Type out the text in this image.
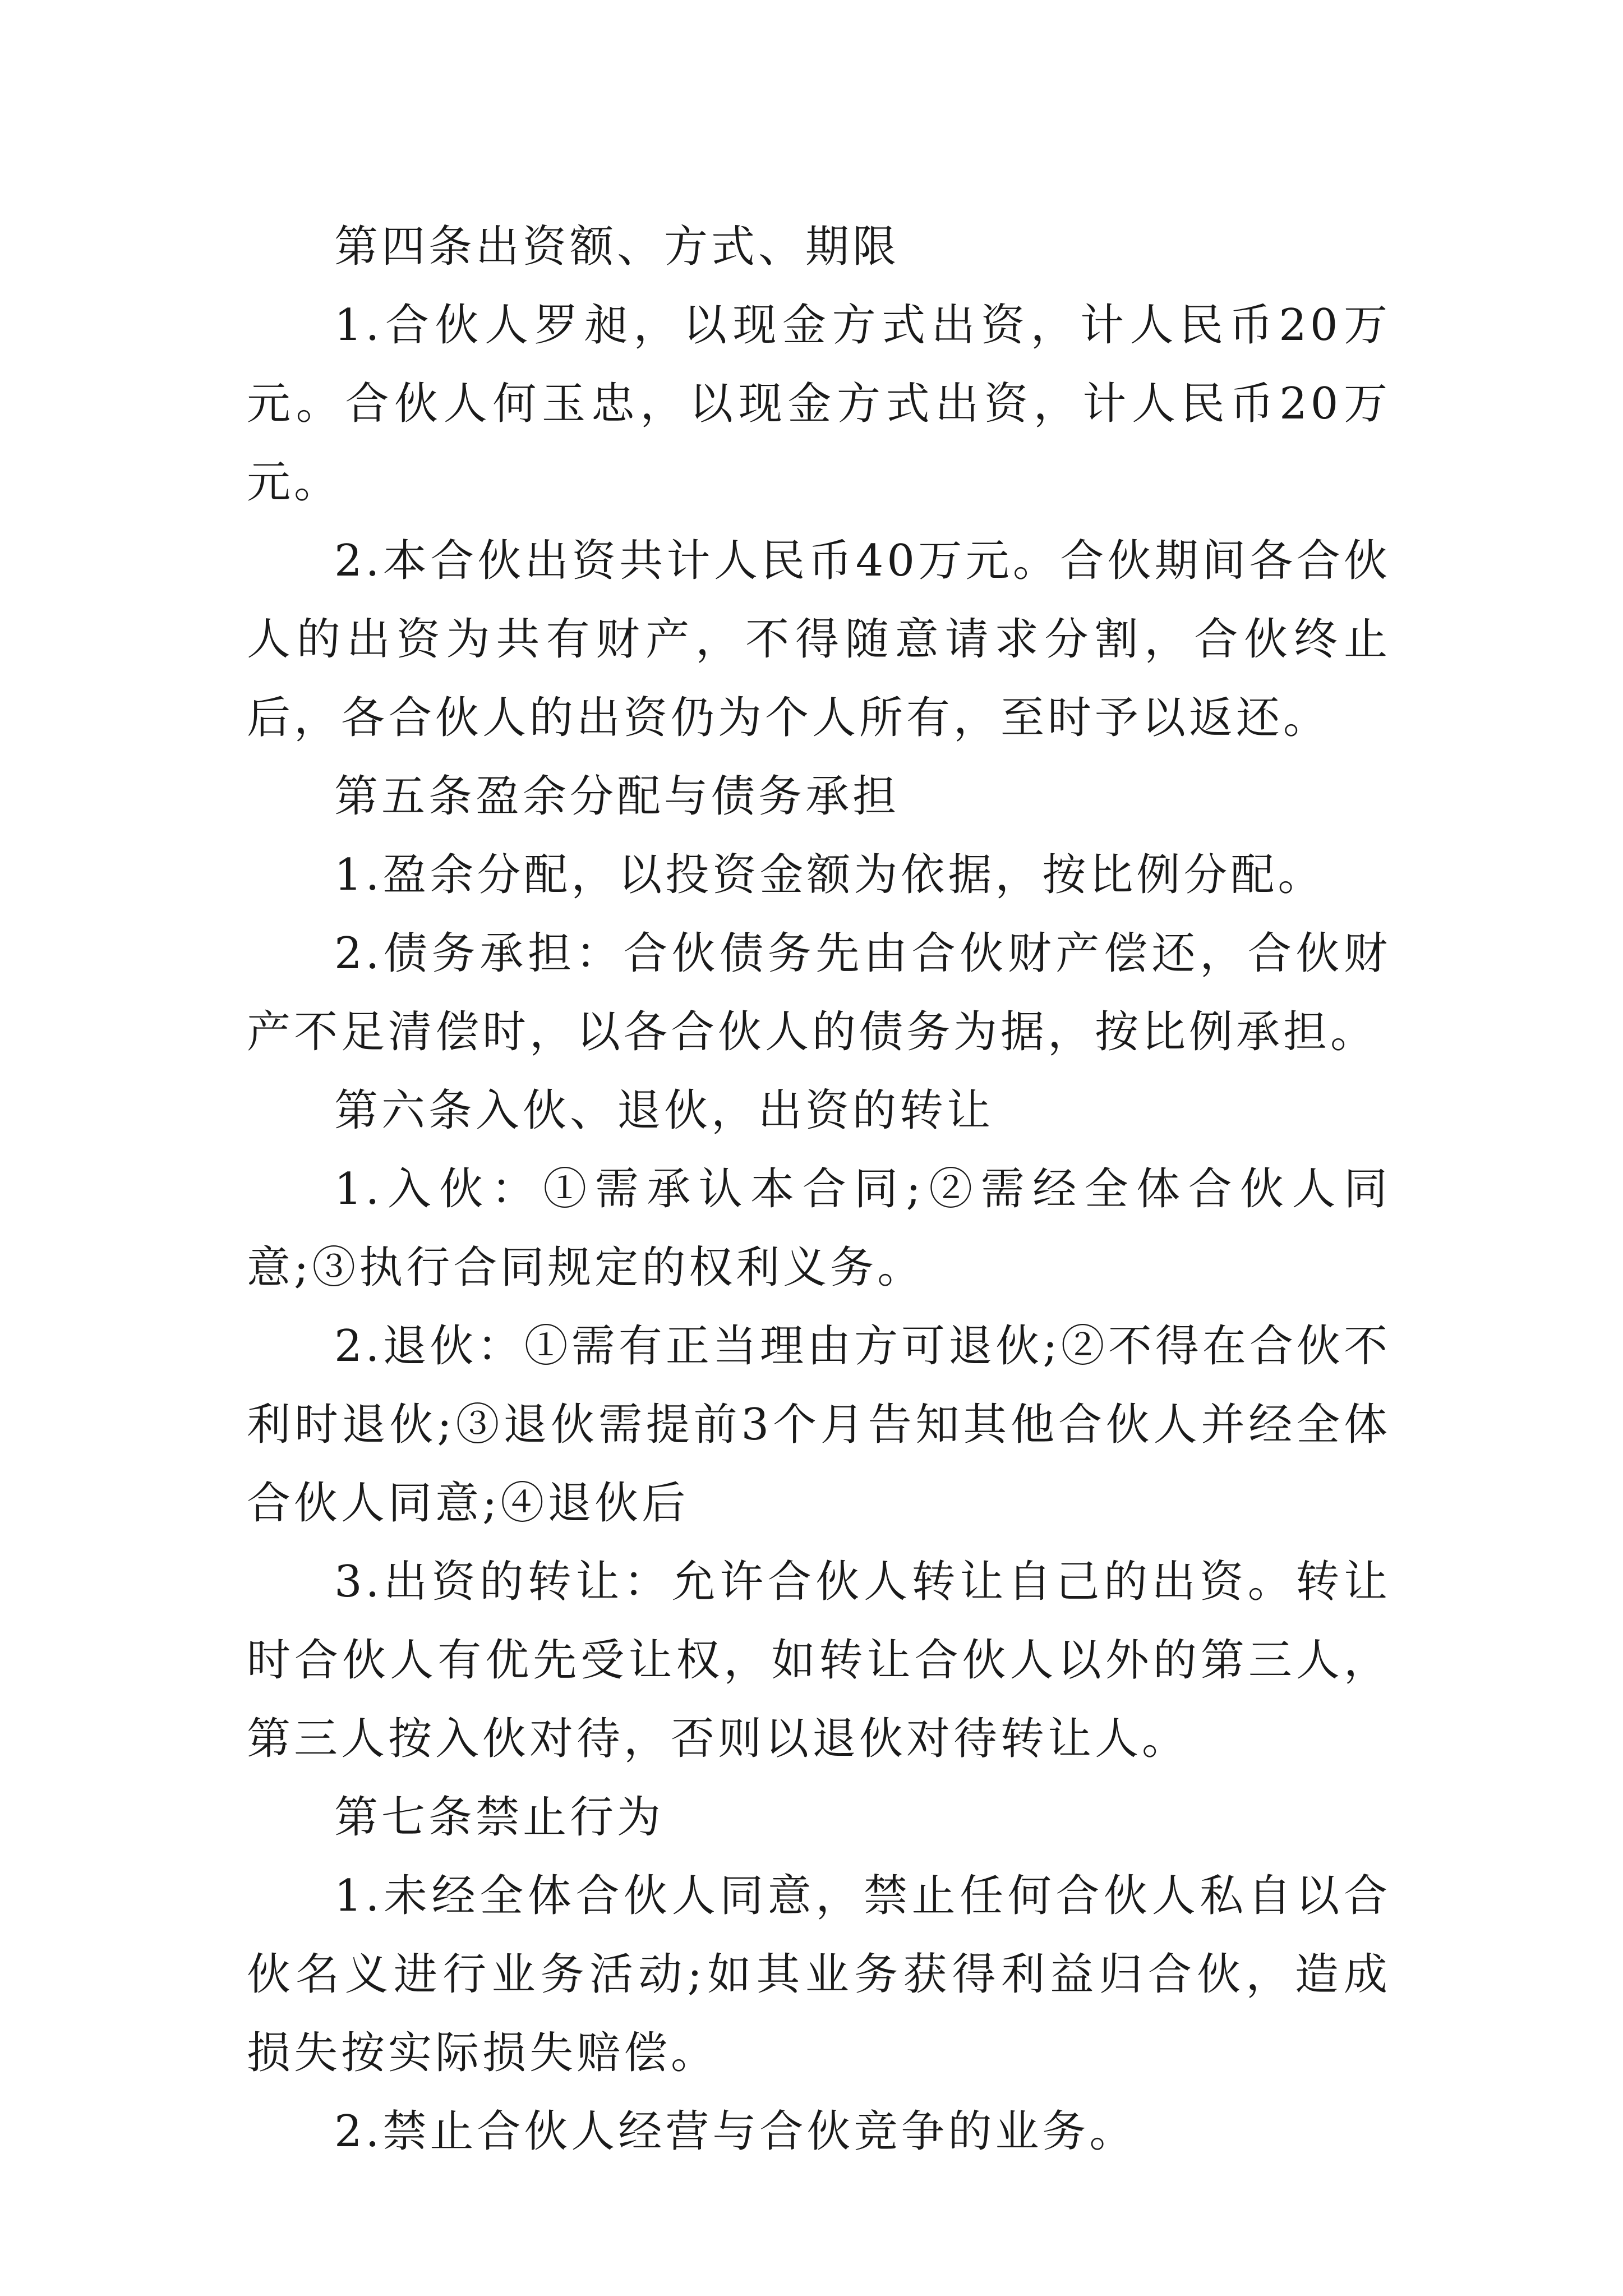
第四条出资额、方式、期限

1.合伙人罗昶，以现金方式出资，计人民币20万元。合伙人何玉忠，以现金方式出资，计人民币20万元。

2.本合伙出资共计人民币40万元。合伙期间各合伙人的出资为共有财产，不得随意请求分割，合伙终止后，各合伙人的出资仍为个人所有，至时予以返还。

第五条盈余分配与债务承担

1.盈余分配，以投资金额为依据，按比例分配。

2.债务承担：合伙债务先由合伙财产偿还，合伙财产不足清偿时，以各合伙人的债务为据，按比例承担。

第六条入伙、退伙，出资的转让

1.入伙：①需承认本合同;②需经全体合伙人同意;③执行合同规定的权利义务。

2.退伙：①需有正当理由方可退伙;②不得在合伙不利时退伙;③退伙需提前3个月告知其他合伙人并经全体合伙人同意;④退伙后

3.出资的转让：允许合伙人转让自己的出资。转让时合伙人有优先受让权，如转让合伙人以外的第三人，第三人按入伙对待，否则以退伙对待转让人。

第七条禁止行为

1.未经全体合伙人同意，禁止任何合伙人私自以合伙名义进行业务活动;如其业务获得利益归合伙，造成损失按实际损失赔偿。

2.禁止合伙人经营与合伙竞争的业务。
